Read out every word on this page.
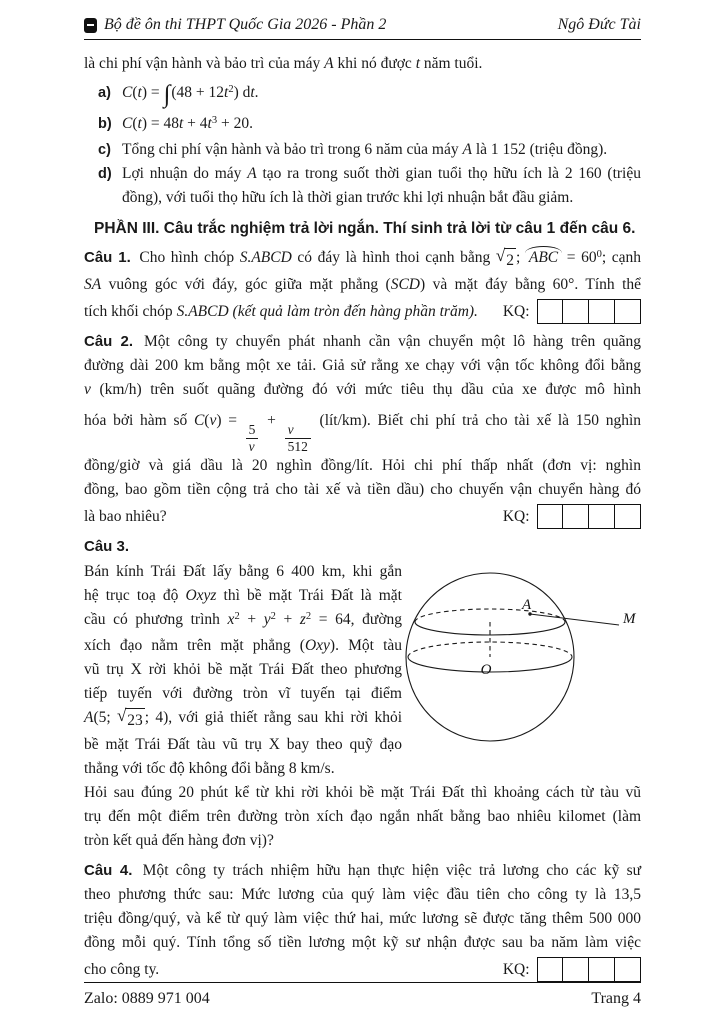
Bộ đề ôn thi THPT Quốc Gia 2026 - Phần 2	Ngô Đức Tài
là chi phí vận hành và bảo trì của máy A khi nó được t năm tuổi.
a) $C(t) = \int(48 + 12t^2)$ dt.
b) $C(t) = 48t + 4t^3 + 20$.
c) Tổng chi phí vận hành và bảo trì trong 6 năm của máy A là 1 152 (triệu đồng).
d) Lợi nhuận do máy A tạo ra trong suốt thời gian tuổi thọ hữu ích là 2 160 (triệu
đồng), với tuổi thọ hữu ích là thời gian trước khi lợi nhuận bắt đầu giảm.
PHẦN III. Câu trắc nghiệm trả lời ngắn. Thí sinh trả lời từ câu 1 đến câu 6.
Câu 1. Cho hình chóp S.ABCD có đáy là hình thoi cạnh bằng √ 2 ; ABC = $60^0$; cạnh
SA vuông góc với đáy, góc giữa mặt phẳng (SCD) và mặt đáy bằng 60°. Tính thể
tích khối chóp S.ABCD (kết quả làm tròn đến hàng phần trăm). KQ:
Câu 2. Một công ty chuyển phát nhanh cần vận chuyển một lô hàng trên quãng
đường dài 200 km bằng một xe tải. Giả sử rằng xe chạy với vận tốc không đổi bằng
v (km/h) trên suốt quãng đường đó với mức tiêu thụ dầu của xe được mô hình
hóa bởi hàm số C(v) =
$\frac{5}{v}$
+
$\frac{v}{512}$
(lít/km). Biết chi phí trả cho tài xế là 150 nghìn
đồng/giờ và giá dầu là 20 nghìn đồng/lít. Hỏi chi phí thấp nhất (đơn vị: nghìn
đồng, bao gồm tiền cộng trả cho tài xế và tiền dầu) cho chuyến vận chuyển hàng đó
là bao nhiêu?	KQ:
Câu 3.
Bán kính Trái Đất lấy bằng 6 400 km, khi gắn
hệ trục toạ độ Oxyz thì bề mặt Trái Đất là mặt
cầu có phương trình $x^2 + y^2 + z^2 = 64$, đường
xích đạo nằm trên mặt phẳng (Oxy). Một tàu
vũ trụ X rời khỏi bề mặt Trái Đất theo phương
tiếp tuyến với đường tròn vĩ tuyến tại điểm
A(5; √ 23 ; 4), với giả thiết rằng sau khi rời khỏi
bề mặt Trái Đất tàu vũ trụ X bay theo quỹ đạo
thẳng với tốc độ không đổi bằng 8 km/s.
A
O
M
Hỏi sau đúng 20 phút kể từ khi rời khỏi bề mặt Trái Đất thì khoảng cách từ tàu vũ
trụ đến một điểm trên đường tròn xích đạo ngắn nhất bằng bao nhiêu kilomet (làm
tròn kết quả đến hàng đơn vị)?
Câu 4. Một công ty trách nhiệm hữu hạn thực hiện việc trả lương cho các kỹ sư
theo phương thức sau: Mức lương của quý làm việc đầu tiên cho công ty là 13,5
triệu đồng/quý, và kể từ quý làm việc thứ hai, mức lương sẽ được tăng thêm 500 000
đồng mỗi quý. Tính tổng số tiền lương một kỹ sư nhận được sau ba năm làm việc
cho công ty.	KQ:
Zalo: 0889 971 004	Trang 4
